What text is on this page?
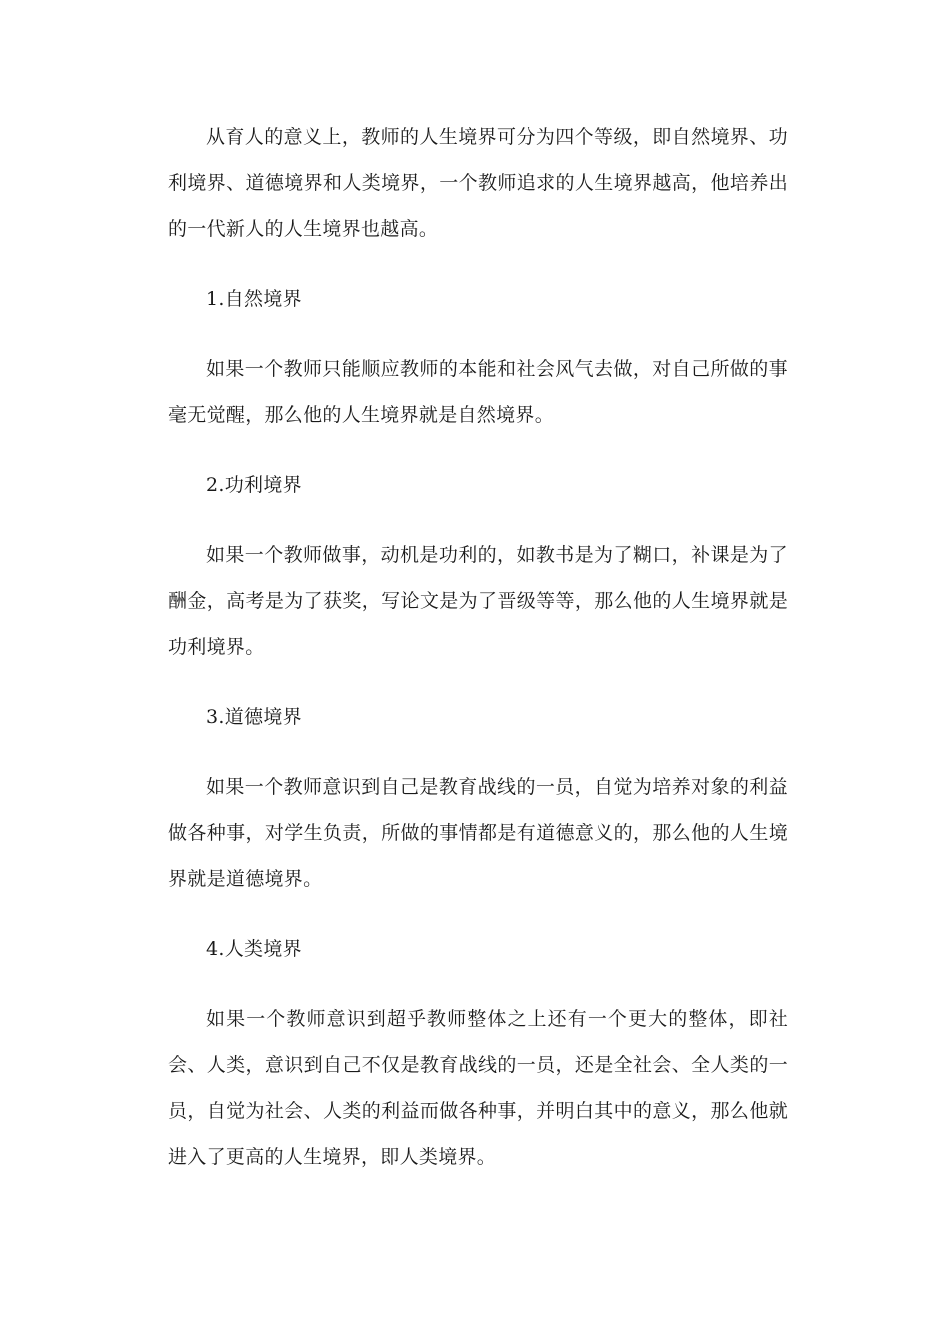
从育人的意义上，教师的人生境界可分为四个等级，即自然境界、功利境界、道德境界和人类境界，一个教师追求的人生境界越高，他培养出的一代新人的人生境界也越高。

1.自然境界

如果一个教师只能顺应教师的本能和社会风气去做，对自己所做的事毫无觉醒，那么他的人生境界就是自然境界。

2.功利境界

如果一个教师做事，动机是功利的，如教书是为了糊口，补课是为了酬金，高考是为了获奖，写论文是为了晋级等等，那么他的人生境界就是功利境界。

3.道德境界

如果一个教师意识到自己是教育战线的一员，自觉为培养对象的利益做各种事，对学生负责，所做的事情都是有道德意义的，那么他的人生境界就是道德境界。

4.人类境界

如果一个教师意识到超乎教师整体之上还有一个更大的整体，即社会、人类，意识到自己不仅是教育战线的一员，还是全社会、全人类的一员，自觉为社会、人类的利益而做各种事，并明白其中的意义，那么他就进入了更高的人生境界，即人类境界。
